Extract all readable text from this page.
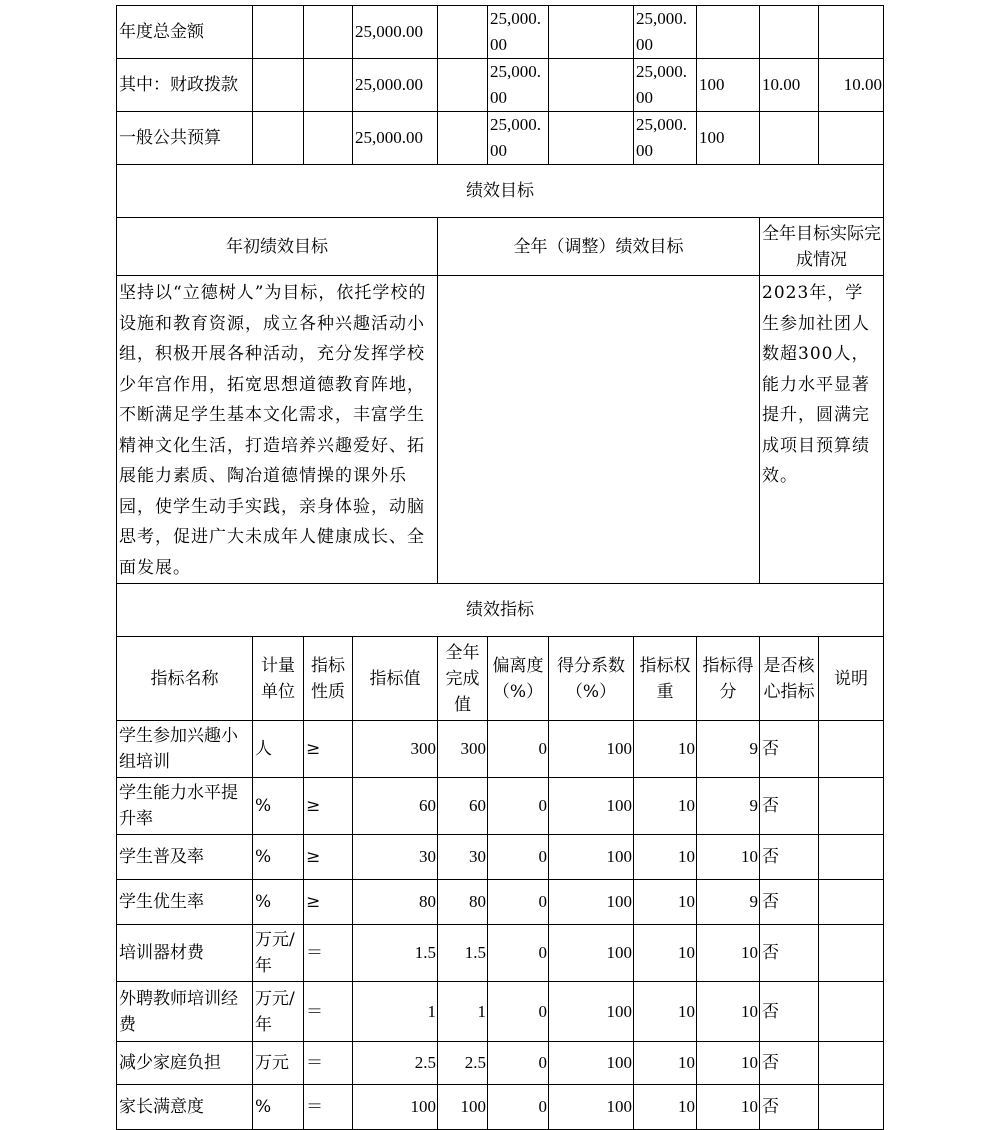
年度总金额			25,000.00		25,000.00		25,000.00			
其中：财政拨款			25,000.00		25,000.00		25,000.00	100	10.00	10.00
一般公共预算			25,000.00		25,000.00		25,000.00	100		
绩效目标										
年初绩效目标				全年（调整）绩效目标					全年目标实际完成情况	
坚持以“立德树人”为目标，依托学校的设施和教育资源，成立各种兴趣活动小组，积极开展各种活动，充分发挥学校少年宫作用，拓宽思想道德教育阵地，不断满足学生基本文化需求，丰富学生精神文化生活，打造培养兴趣爱好、拓展能力素质、陶冶道德情操的课外乐园，使学生动手实践，亲身体验，动脑思考，促进广大未成年人健康成长、全面发展。									2023年，学生参加社团人数超300人，能力水平显著提升，圆满完成项目预算绩效。	
绩效指标										
指标名称	计量单位	指标性质	指标值	全年完成值	偏离度（%）	得分系数（%）	指标权重	指标得分	是否核心指标	说明
学生参加兴趣小组培训	人	≥	300	300	0	100	10	9	否	
学生能力水平提升率	%	≥	60	60	0	100	10	9	否	
学生普及率	%	≥	30	30	0	100	10	10	否	
学生优生率	%	≥	80	80	0	100	10	9	否	
培训器材费	万元/年	＝	1.5	1.5	0	100	10	10	否	
外聘教师培训经费	万元/年	＝	1	1	0	100	10	10	否	
减少家庭负担	万元	＝	2.5	2.5	0	100	10	10	否	
家长满意度	%	＝	100	100	0	100	10	10	否	
